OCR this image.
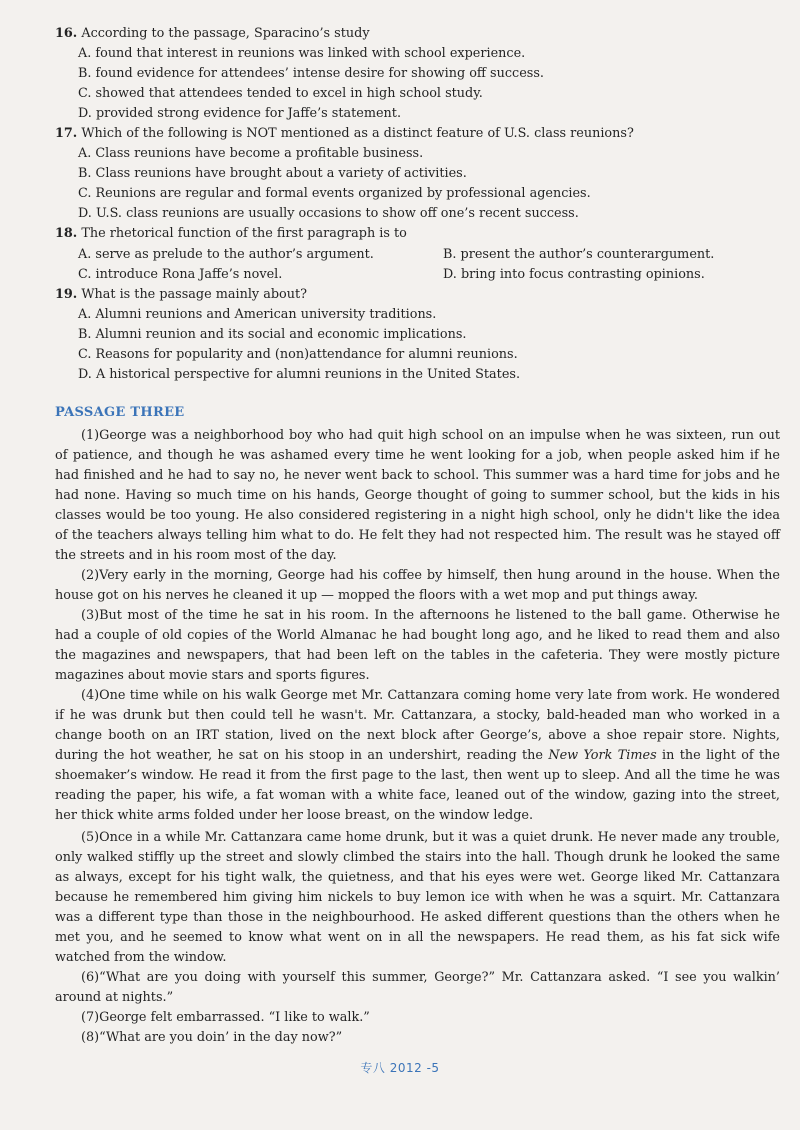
16. According to the passage, Sparacino’s study
A. found that interest in reunions was linked with school experience.
B. found evidence for attendees’ intense desire for showing off success.
C. showed that attendees tended to excel in high school study.
D. provided strong evidence for Jaffe’s statement.
17. Which of the following is NOT mentioned as a distinct feature of U.S. class reunions?
A. Class reunions have become a profitable business.
B. Class reunions have brought about a variety of activities.
C. Reunions are regular and formal events organized by professional agencies.
D. U.S. class reunions are usually occasions to show off one’s recent success.
18. The rhetorical function of the first paragraph is to
A. serve as prelude to the author’s argument.	B. present the author’s counterargument.
C. introduce Rona Jaffe’s novel.	D. bring into focus contrasting opinions.
19. What is the passage mainly about?
A. Alumni reunions and American university traditions.
B. Alumni reunion and its social and economic implications.
C. Reasons for popularity and (non)attendance for alumni reunions.
D. A historical perspective for alumni reunions in the United States.
PASSAGE THREE

(1)George was a neighborhood boy who had quit high school on an impulse when he was sixteen, run out of patience, and though he was ashamed every time he went looking for a job, when people asked him if he had finished and he had to say no, he never went back to school. This summer was a hard time for jobs and he had none. Having so much time on his hands, George thought of going to summer school, but the kids in his classes would be too young. He also considered registering in a night high school, only he didn't like the idea of the teachers always telling him what to do. He felt they had not respected him. The result was he stayed off the streets and in his room most of the day.

(2)Very early in the morning, George had his coffee by himself, then hung around in the house. When the house got on his nerves he cleaned it up — mopped the floors with a wet mop and put things away.

(3)But most of the time he sat in his room. In the afternoons he listened to the ball game. Otherwise he had a couple of old copies of the World Almanac he had bought long ago, and he liked to read them and also the magazines and newspapers, that had been left on the tables in the cafeteria. They were mostly picture magazines about movie stars and sports figures.

(4)One time while on his walk George met Mr. Cattanzara coming home very late from work. He wondered if he was drunk but then could tell he wasn't. Mr. Cattanzara, a stocky, bald-headed man who worked in a change booth on an IRT station, lived on the next block after George’s, above a shoe repair store. Nights, during the hot weather, he sat on his stoop in an undershirt, reading the New York Times in the light of the shoemaker’s window. He read it from the first page to the last, then went up to sleep. And all the time he was reading the paper, his wife, a fat woman with a white face, leaned out of the window, gazing into the street, her thick white arms folded under her loose breast, on the window ledge.

(5)Once in a while Mr. Cattanzara came home drunk, but it was a quiet drunk. He never made any trouble, only walked stiffly up the street and slowly climbed the stairs into the hall. Though drunk he looked the same as always, except for his tight walk, the quietness, and that his eyes were wet. George liked Mr. Cattanzara because he remembered him giving him nickels to buy lemon ice with when he was a squirt. Mr. Cattanzara was a different type than those in the neighbourhood. He asked different questions than the others when he met you, and he seemed to know what went on in all the newspapers. He read them, as his fat sick wife watched from the window.

(6)“What are you doing with yourself this summer, George?” Mr. Cattanzara asked. “I see you walkin’ around at nights.”

(7)George felt embarrassed. “I like to walk.”

(8)“What are you doin’ in the day now?”

专八 2012 -5
